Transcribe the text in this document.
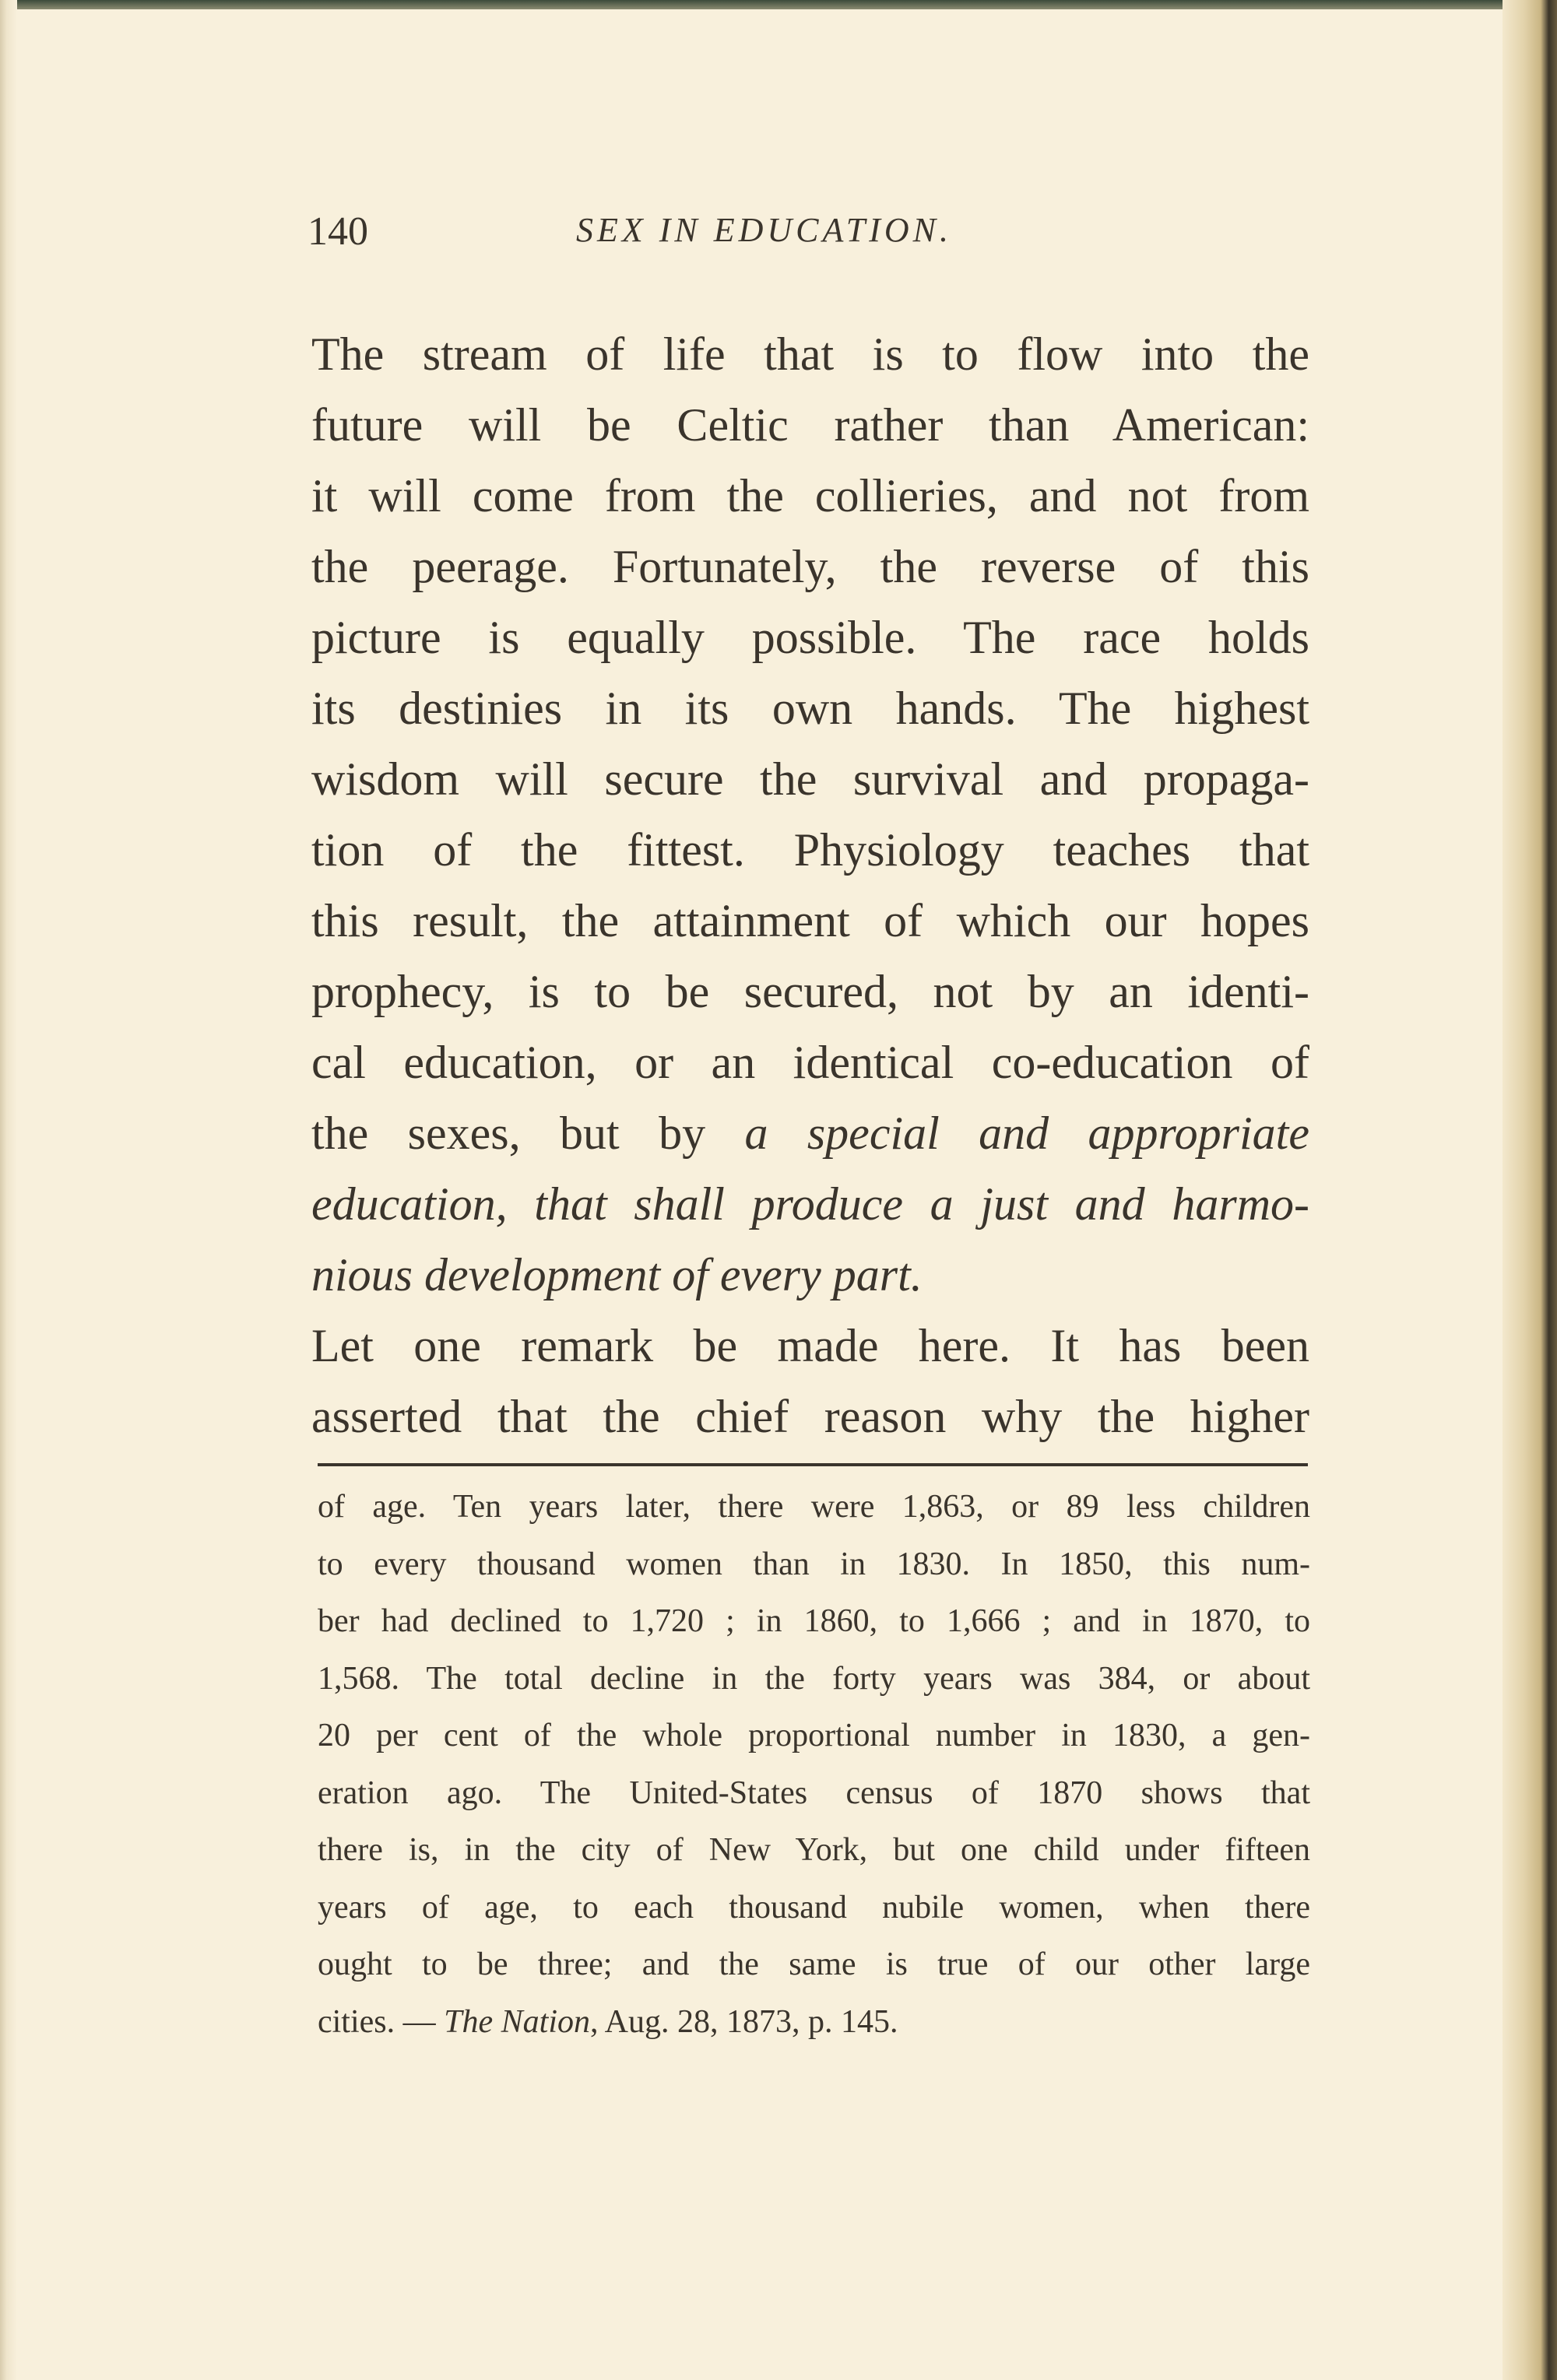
140	SEX IN EDUCATION.
The stream of life that is to flow into the
future will be Celtic rather than American:
it will come from the collieries, and not from
the peerage. Fortunately, the reverse of this
picture is equally possible. The race holds
its destinies in its own hands. The highest
wisdom will secure the survival and propaga-
tion of the fittest. Physiology teaches that
this result, the attainment of which our hopes
prophecy, is to be secured, not by an identi-
cal education, or an identical co-education of
the sexes, but by a special and appropriate
education, that shall produce a just and harmo-
nious development of every part.
Let one remark be made here. It has been
asserted that the chief reason why the higher
of age. Ten years later, there were 1,863, or 89 less children
to every thousand women than in 1830. In 1850, this num-
ber had declined to 1,720 ; in 1860, to 1,666 ; and in 1870, to
1,568. The total decline in the forty years was 384, or about
20 per cent of the whole proportional number in 1830, a gen-
eration ago. The United-States census of 1870 shows that
there is, in the city of New York, but one child under fifteen
years of age, to each thousand nubile women, when there
ought to be three; and the same is true of our other large
cities. — The Nation, Aug. 28, 1873, p. 145.
